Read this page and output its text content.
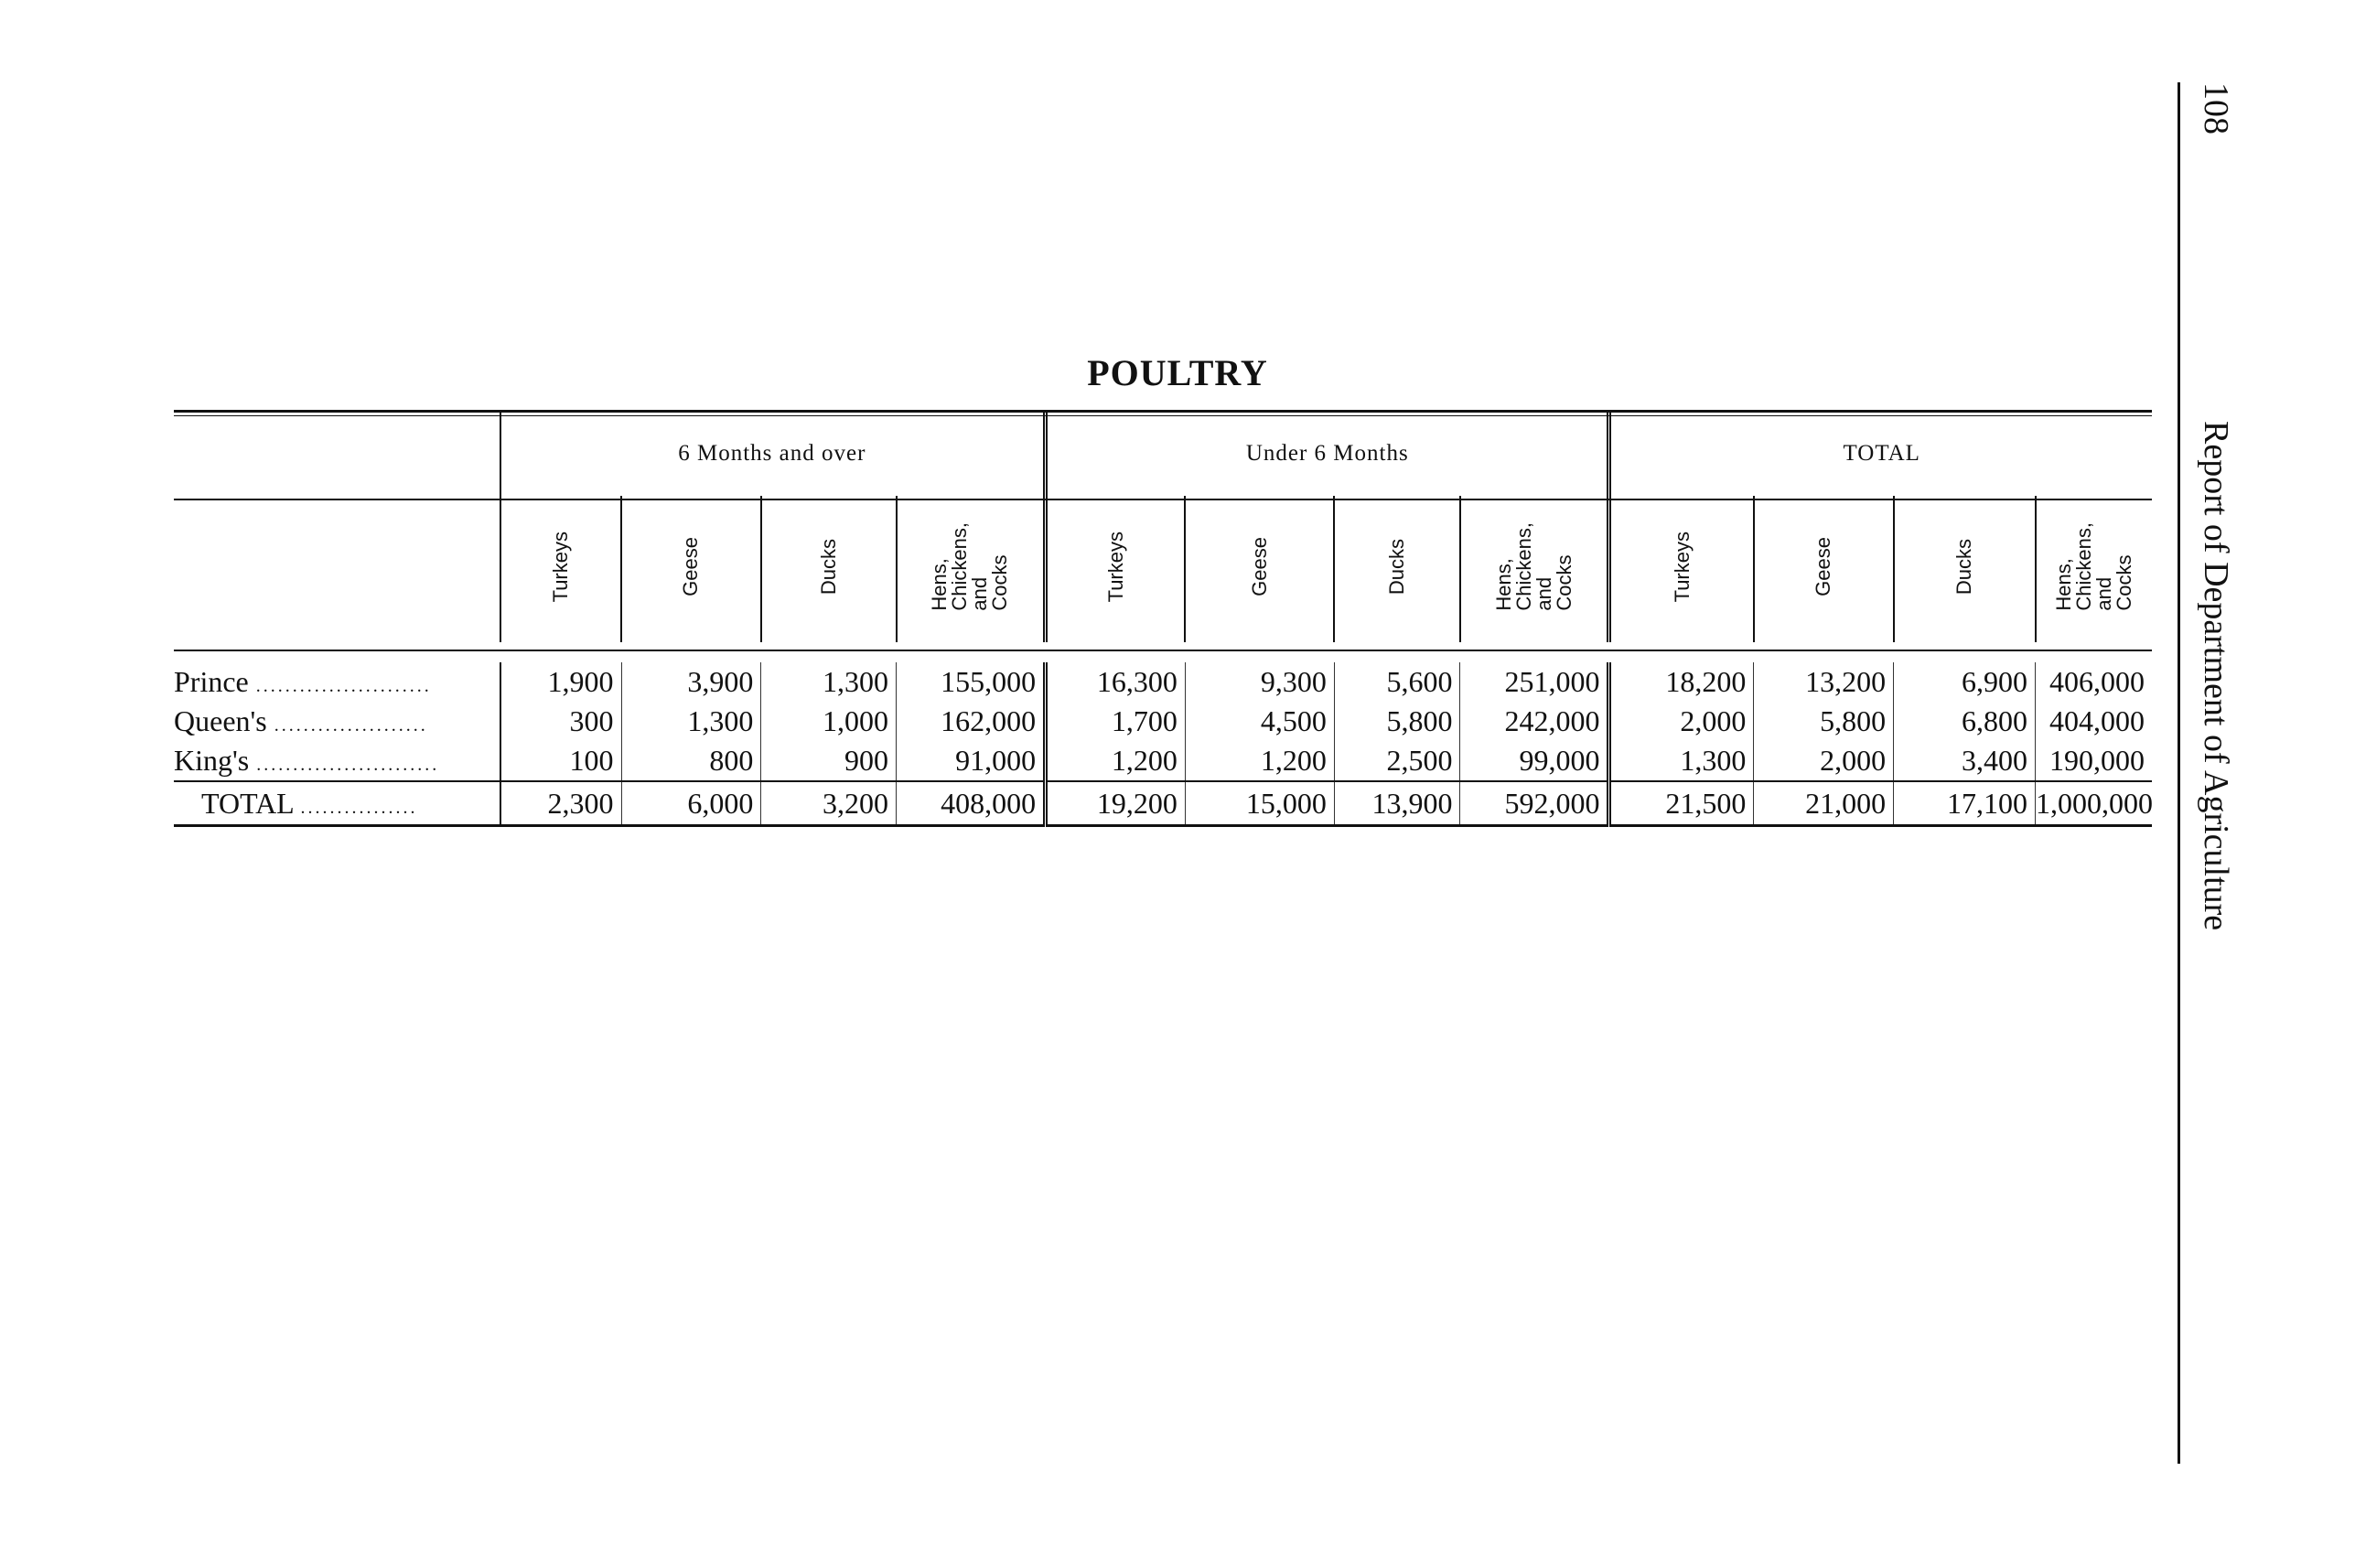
POULTRY
	6 Months and over				Under 6 Months				TOTAL			
	Turkeys	Geese	Ducks	Hens,
Chickens,
and
Cocks	Turkeys	Geese	Ducks	Hens,
Chickens,
and
Cocks	Turkeys	Geese	Ducks	Hens,
Chickens,
and
Cocks

Prince ........................	1,900	3,900	1,300	155,000	16,300	9,300	5,600	251,000	18,200	13,200	6,900	406,000
Queen's .....................	300	1,300	1,000	162,000	1,700	4,500	5,800	242,000	2,000	5,800	6,800	404,000
King's .........................	100	800	900	91,000	1,200	1,200	2,500	99,000	1,300	2,000	3,400	190,000
TOTAL ................	2,300	6,000	3,200	408,000	19,200	15,000	13,900	592,000	21,500	21,000	17,100	1,000,000
108
Report of Department of Agriculture
